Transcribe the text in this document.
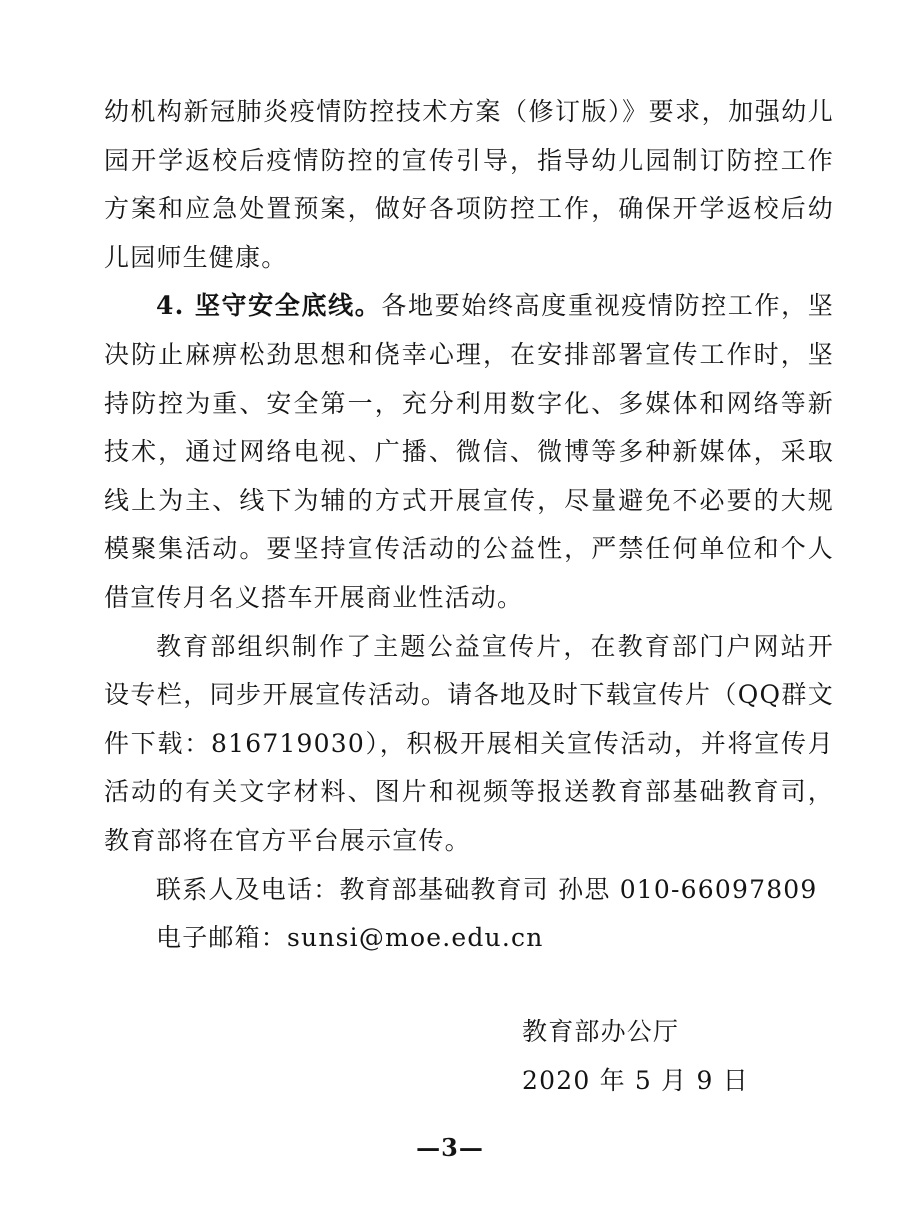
幼机构新冠肺炎疫情防控技术方案（修订版）》要求，加强幼儿园开学返校后疫情防控的宣传引导，指导幼儿园制订防控工作方案和应急处置预案，做好各项防控工作，确保开学返校后幼儿园师生健康。

4. 坚守安全底线。各地要始终高度重视疫情防控工作，坚决防止麻痹松劲思想和侥幸心理，在安排部署宣传工作时，坚持防控为重、安全第一，充分利用数字化、多媒体和网络等新技术，通过网络电视、广播、微信、微博等多种新媒体，采取线上为主、线下为辅的方式开展宣传，尽量避免不必要的大规模聚集活动。要坚持宣传活动的公益性，严禁任何单位和个人借宣传月名义搭车开展商业性活动。

教育部组织制作了主题公益宣传片，在教育部门户网站开设专栏，同步开展宣传活动。请各地及时下载宣传片（QQ群文件下载：816719030），积极开展相关宣传活动，并将宣传月活动的有关文字材料、图片和视频等报送教育部基础教育司，教育部将在官方平台展示宣传。

联系人及电话：教育部基础教育司 孙思 010-66097809

电子邮箱：sunsi@moe.edu.cn

教育部办公厅
2020 年 5 月 9 日
—3—
